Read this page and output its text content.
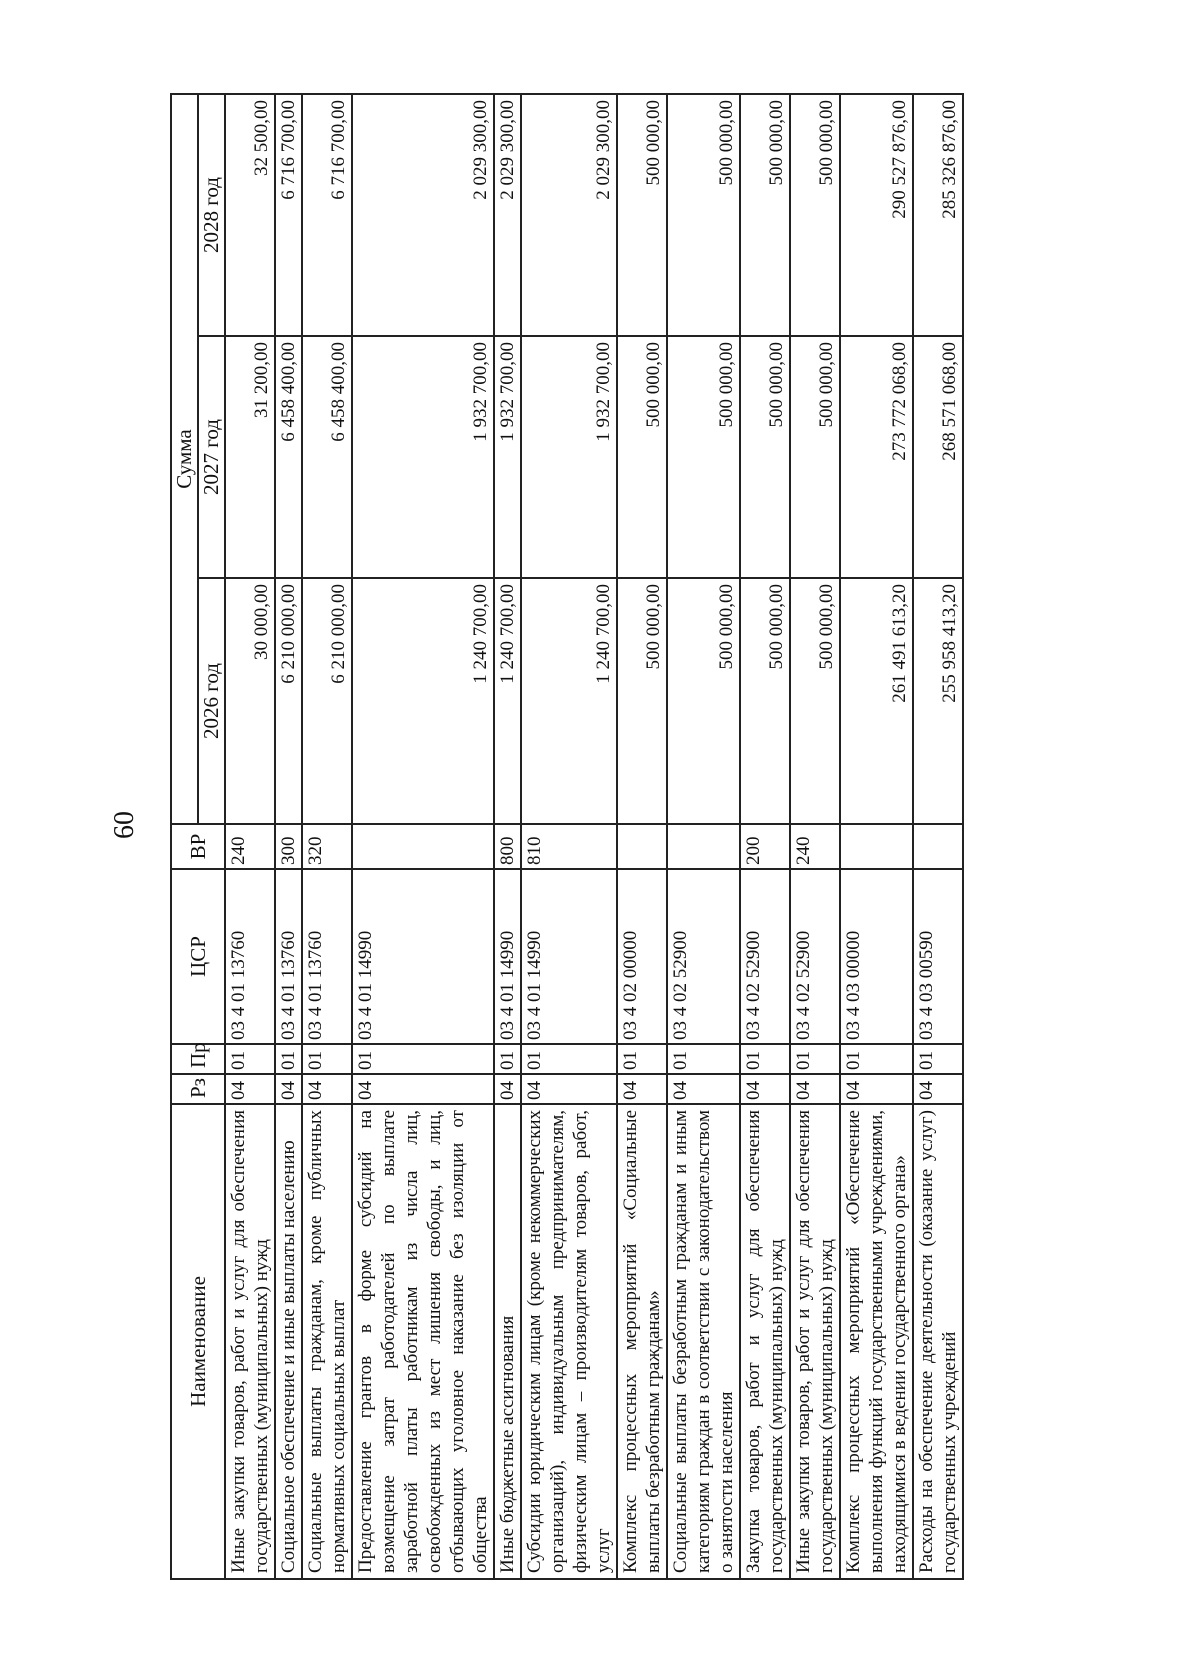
60
Наименование	Рз	Пр	ЦСР	ВР	Сумма		
					2026 год	2027 год	2028 год
Иные закупки товаров, работ и услуг для обеспечения государственных (муниципальных) нужд	04	01	03 4 01 13760	240	30 000,00	31 200,00	32 500,00
Социальное обеспечение и иные выплаты населению	04	01	03 4 01 13760	300	6 210 000,00	6 458 400,00	6 716 700,00
Социальные выплаты гражданам, кроме публичных нормативных социальных выплат	04	01	03 4 01 13760	320	6 210 000,00	6 458 400,00	6 716 700,00
Предоставление грантов в форме субсидий на возмещение затрат работодателей по выплате заработной платы работникам из числа лиц, освобожденных из мест лишения свободы, и лиц, отбывающих уголовное наказание без изоляции от общества	04	01	03 4 01 14990		1 240 700,00	1 932 700,00	2 029 300,00
Иные бюджетные ассигнования	04	01	03 4 01 14990	800	1 240 700,00	1 932 700,00	2 029 300,00
Субсидии юридическим лицам (кроме некоммерческих организаций), индивидуальным предпринимателям, физическим лицам – производителям товаров, работ, услуг	04	01	03 4 01 14990	810	1 240 700,00	1 932 700,00	2 029 300,00
Комплекс процессных мероприятий «Социальные выплаты безработным гражданам»	04	01	03 4 02 00000		500 000,00	500 000,00	500 000,00
Социальные выплаты безработным гражданам и иным категориям граждан в соответствии с законодательством о занятости населения	04	01	03 4 02 52900		500 000,00	500 000,00	500 000,00
Закупка товаров, работ и услуг для обеспечения государственных (муниципальных) нужд	04	01	03 4 02 52900	200	500 000,00	500 000,00	500 000,00
Иные закупки товаров, работ и услуг для обеспечения государственных (муниципальных) нужд	04	01	03 4 02 52900	240	500 000,00	500 000,00	500 000,00
Комплекс процессных мероприятий «Обеспечение выполнения функций государственными учреждениями, находящимися в ведении государственного органа»	04	01	03 4 03 00000		261 491 613,20	273 772 068,00	290 527 876,00
Расходы на обеспечение деятельности (оказание услуг) государственных учреждений	04	01	03 4 03 00590		255 958 413,20	268 571 068,00	285 326 876,00
